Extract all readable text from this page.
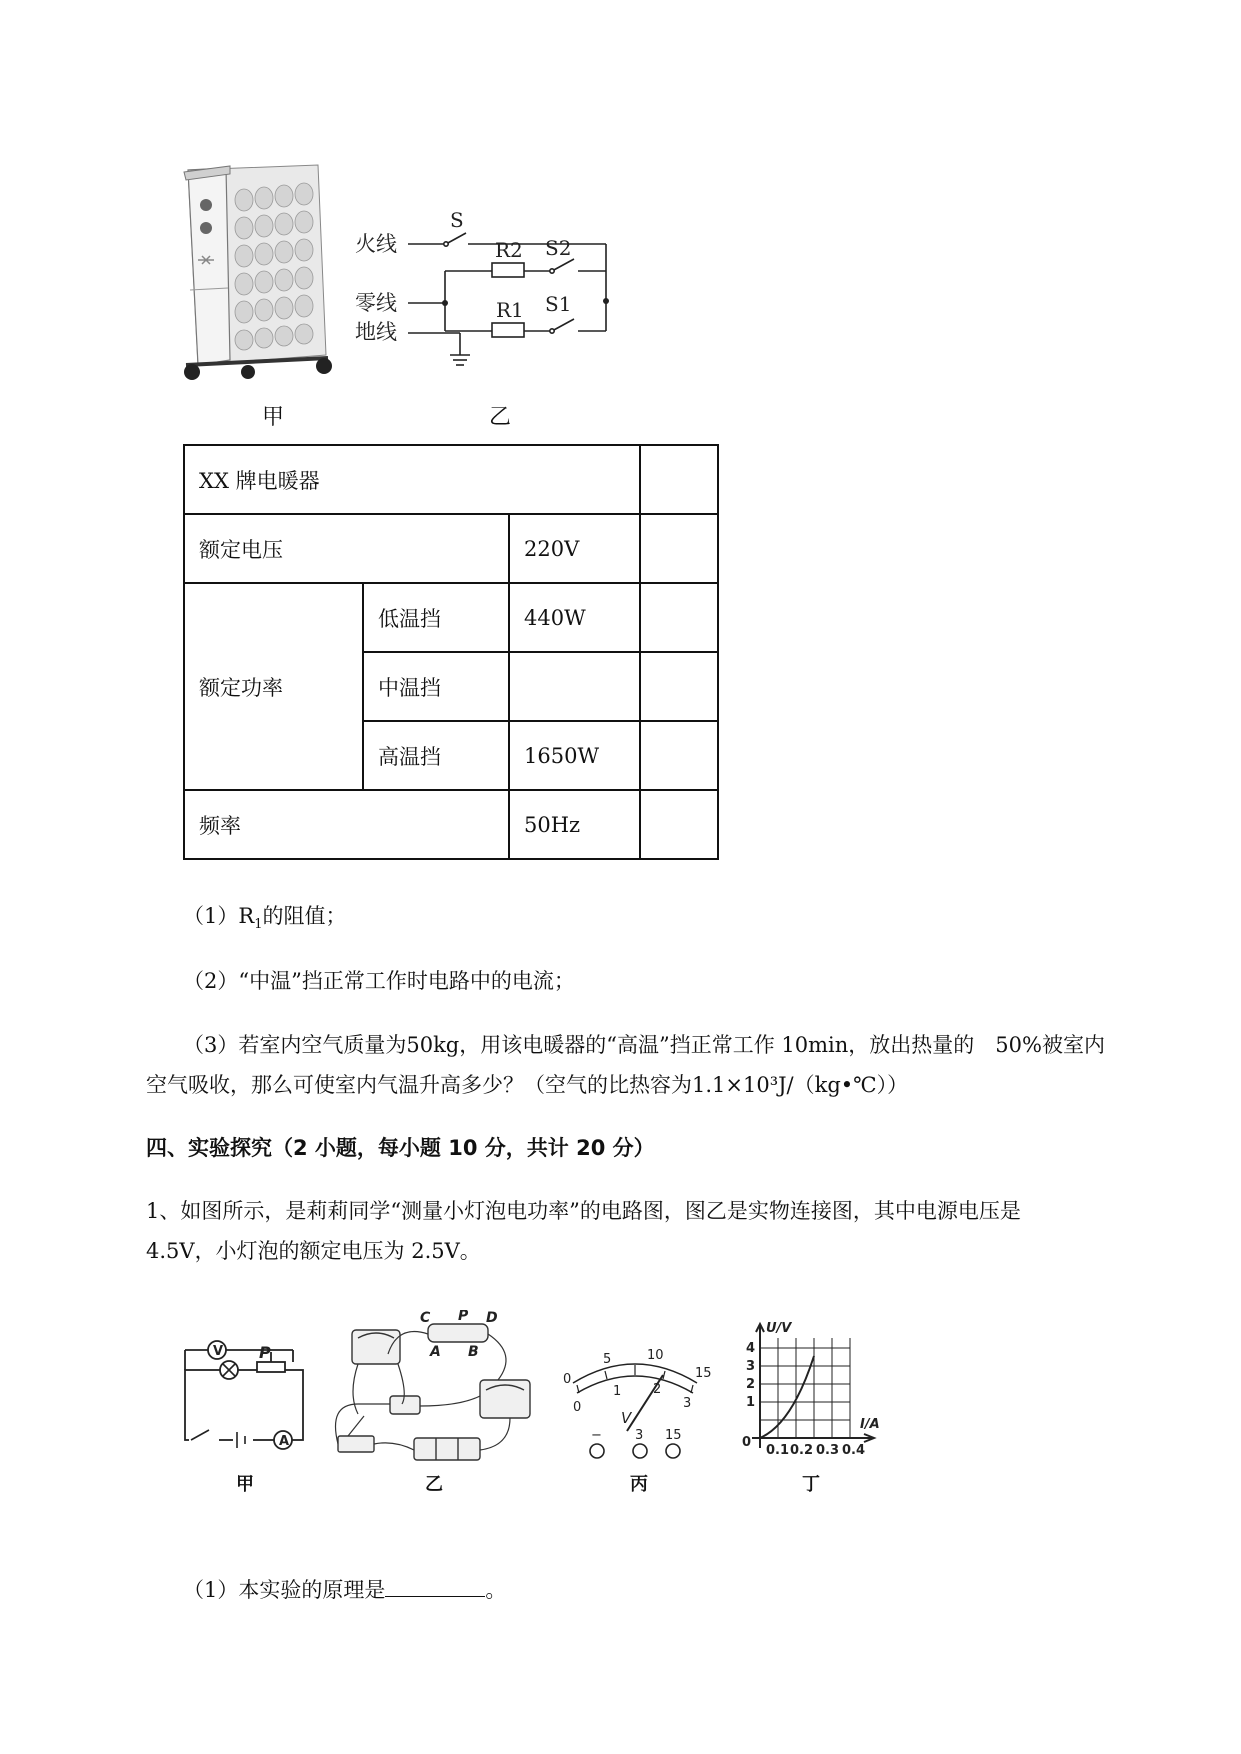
甲
S
R2 S2
R1 S1
火线
零线
地线
乙
XX 牌电暖器			
额定电压		220V	
额定功率	低温挡	440W	
	中温挡		
	高温挡	1650W	
频率		50Hz	
$(1)R_1$的阻值；
（2）“中温”挡正常工作时电路中的电流；
（3）若室内空气质量为50kg，用该电暖器的“高温”挡正常工作 10min，放出热量的　50%被室内
空气吸收，那么可使室内气温升高多少？（空气的比热容为1.1×10³J/（kg•℃））
四、实验探究（2 小题，每小题 10 分，共计 20 分）
1、如图所示，是莉莉同学“测量小灯泡电功率”的电路图，图乙是实物连接图，其中电源电压是
4.5V，小灯泡的额定电压为 2.5V。
V
A
P
甲
C P D
A B
乙
0
5	10
15
0
1 2
3
V
−	3 15
丙
U/V
I/A
4
3
2
1
0
0.1 0.2 0.3 0.4
丁
（1）本实验的原理是	。
